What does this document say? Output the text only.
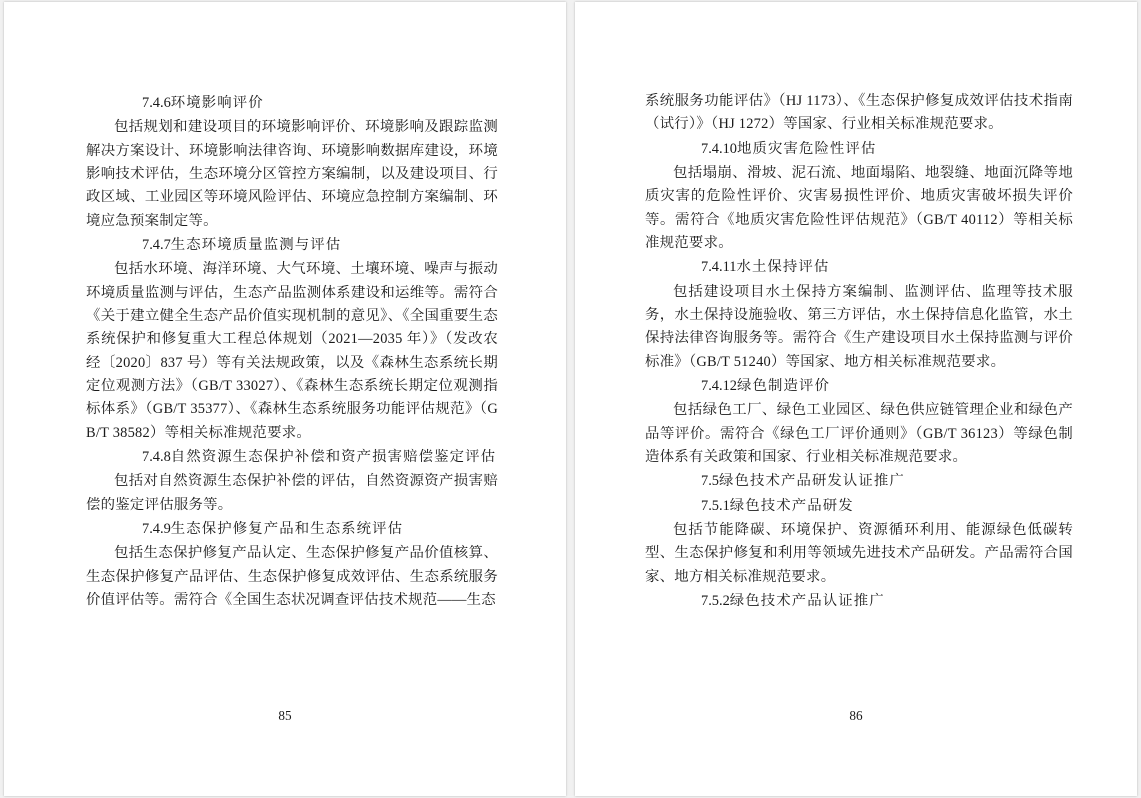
7.4.6环境影响评价

包括规划和建设项目的环境影响评价、环境影响及跟踪监测解决方案设计、环境影响法律咨询、环境影响数据库建设，环境影响技术评估，生态环境分区管控方案编制，以及建设项目、行政区域、工业园区等环境风险评估、环境应急控制方案编制、环境应急预案制定等。

7.4.7生态环境质量监测与评估

包括水环境、海洋环境、大气环境、土壤环境、噪声与振动环境质量监测与评估，生态产品监测体系建设和运维等。需符合《关于建立健全生态产品价值实现机制的意见》、《全国重要生态系统保护和修复重大工程总体规划（2021—2035 年）》（发改农经〔2020〕837 号）等有关法规政策，以及《森林生态系统长期定位观测方法》（GB/T 33027）、《森林生态系统长期定位观测指标体系》（GB/T 35377）、《森林生态系统服务功能评估规范》（GB/T 38582）等相关标准规范要求。

7.4.8自然资源生态保护补偿和资产损害赔偿鉴定评估

包括对自然资源生态保护补偿的评估，自然资源资产损害赔偿的鉴定评估服务等。

7.4.9生态保护修复产品和生态系统评估

包括生态保护修复产品认定、生态保护修复产品价值核算、生态保护修复产品评估、生态保护修复成效评估、生态系统服务价值评估等。需符合《全国生态状况调查评估技术规范——生态

85

系统服务功能评估》（HJ 1173）、《生态保护修复成效评估技术指南（试行）》（HJ 1272）等国家、行业相关标准规范要求。

7.4.10地质灾害危险性评估

包括塌崩、滑坡、泥石流、地面塌陷、地裂缝、地面沉降等地质灾害的危险性评价、灾害易损性评价、地质灾害破坏损失评价等。需符合《地质灾害危险性评估规范》（GB/T 40112）等相关标准规范要求。

7.4.11水土保持评估

包括建设项目水土保持方案编制、监测评估、监理等技术服务，水土保持设施验收、第三方评估，水土保持信息化监管，水土保持法律咨询服务等。需符合《生产建设项目水土保持监测与评价标准》（GB/T 51240）等国家、地方相关标准规范要求。

7.4.12绿色制造评价

包括绿色工厂、绿色工业园区、绿色供应链管理企业和绿色产品等评价。需符合《绿色工厂评价通则》（GB/T 36123）等绿色制造体系有关政策和国家、行业相关标准规范要求。

7.5绿色技术产品研发认证推广
7.5.1绿色技术产品研发

包括节能降碳、环境保护、资源循环利用、能源绿色低碳转型、生态保护修复和利用等领域先进技术产品研发。产品需符合国家、地方相关标准规范要求。

7.5.2绿色技术产品认证推广
86
